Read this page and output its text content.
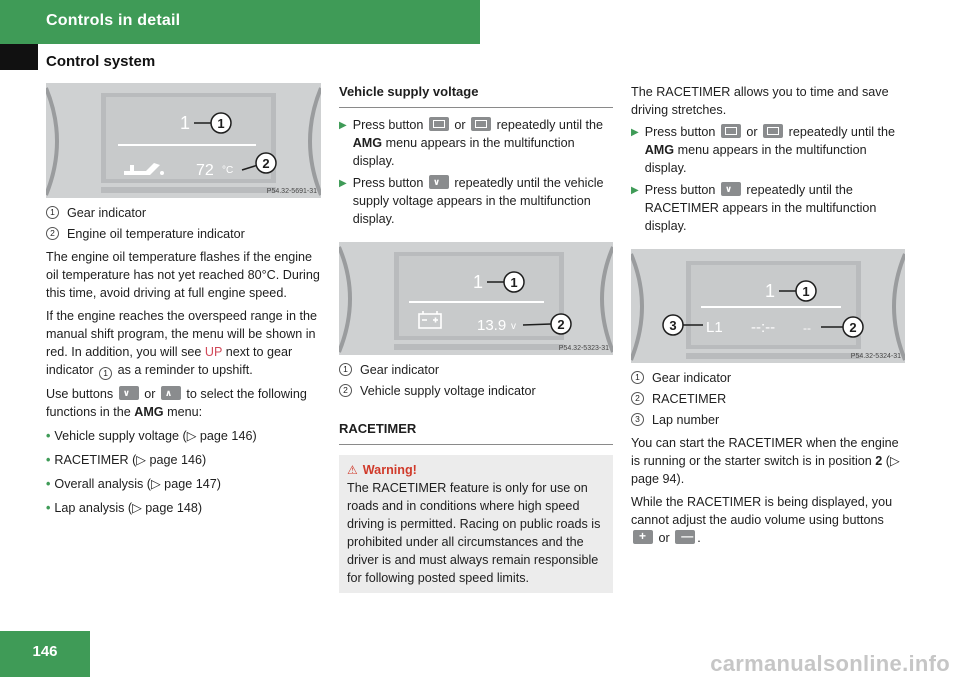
Controls in detail
Control system
1
72 °C
1
2
P54.32-5691-31
1 Gear indicator
2 Engine oil temperature indicator

The engine oil temperature flashes if the engine oil temperature has not yet reached 80°C. During this time, avoid driving at full engine speed.

If the engine reaches the overspeed range in the manual shift program, the menu will be shown in red. In addition, you will see UP next to gear indicator 1 as a reminder to upshift.

Use buttons ∨ or ∧ to select the following functions in the AMG menu:

• Vehicle supply voltage (▷ page 146)
• RACETIMER (▷ page 146)
• Overall analysis (▷ page 147)
• Lap analysis (▷ page 148)
Vehicle supply voltage
▶ Press button
or
repeatedly until the AMG menu appears in the multifunction display.
▶ Press button ∨ repeatedly until the vehicle supply voltage appears in the multifunction display.
1
13.9 v
1
2
P54.32-5323-31
1 Gear indicator
2 Vehicle supply voltage indicator
RACETIMER
⚠ Warning!
The RACETIMER feature is only for use on roads and in conditions where high speed driving is permitted. Racing on public roads is prohibited under all circumstances and the driver is and must always remain responsible for following posted speed limits.

The RACETIMER allows you to time and save driving stretches.

▶ Press button
or
repeatedly until the AMG menu appears in the multifunction display.
▶ Press button ∨ repeatedly until the RACETIMER appears in the multifunction display.
1
L1 --:-- --
1
2
3
P54.32-5324-31
1 Gear indicator
2 RACETIMER
3 Lap number

You can start the RACETIMER when the engine is running or the starter switch is in position 2 (▷ page 94).

While the RACETIMER is being displayed, you cannot adjust the audio volume using buttons

+ or — .

146	carmanualsonline.info
